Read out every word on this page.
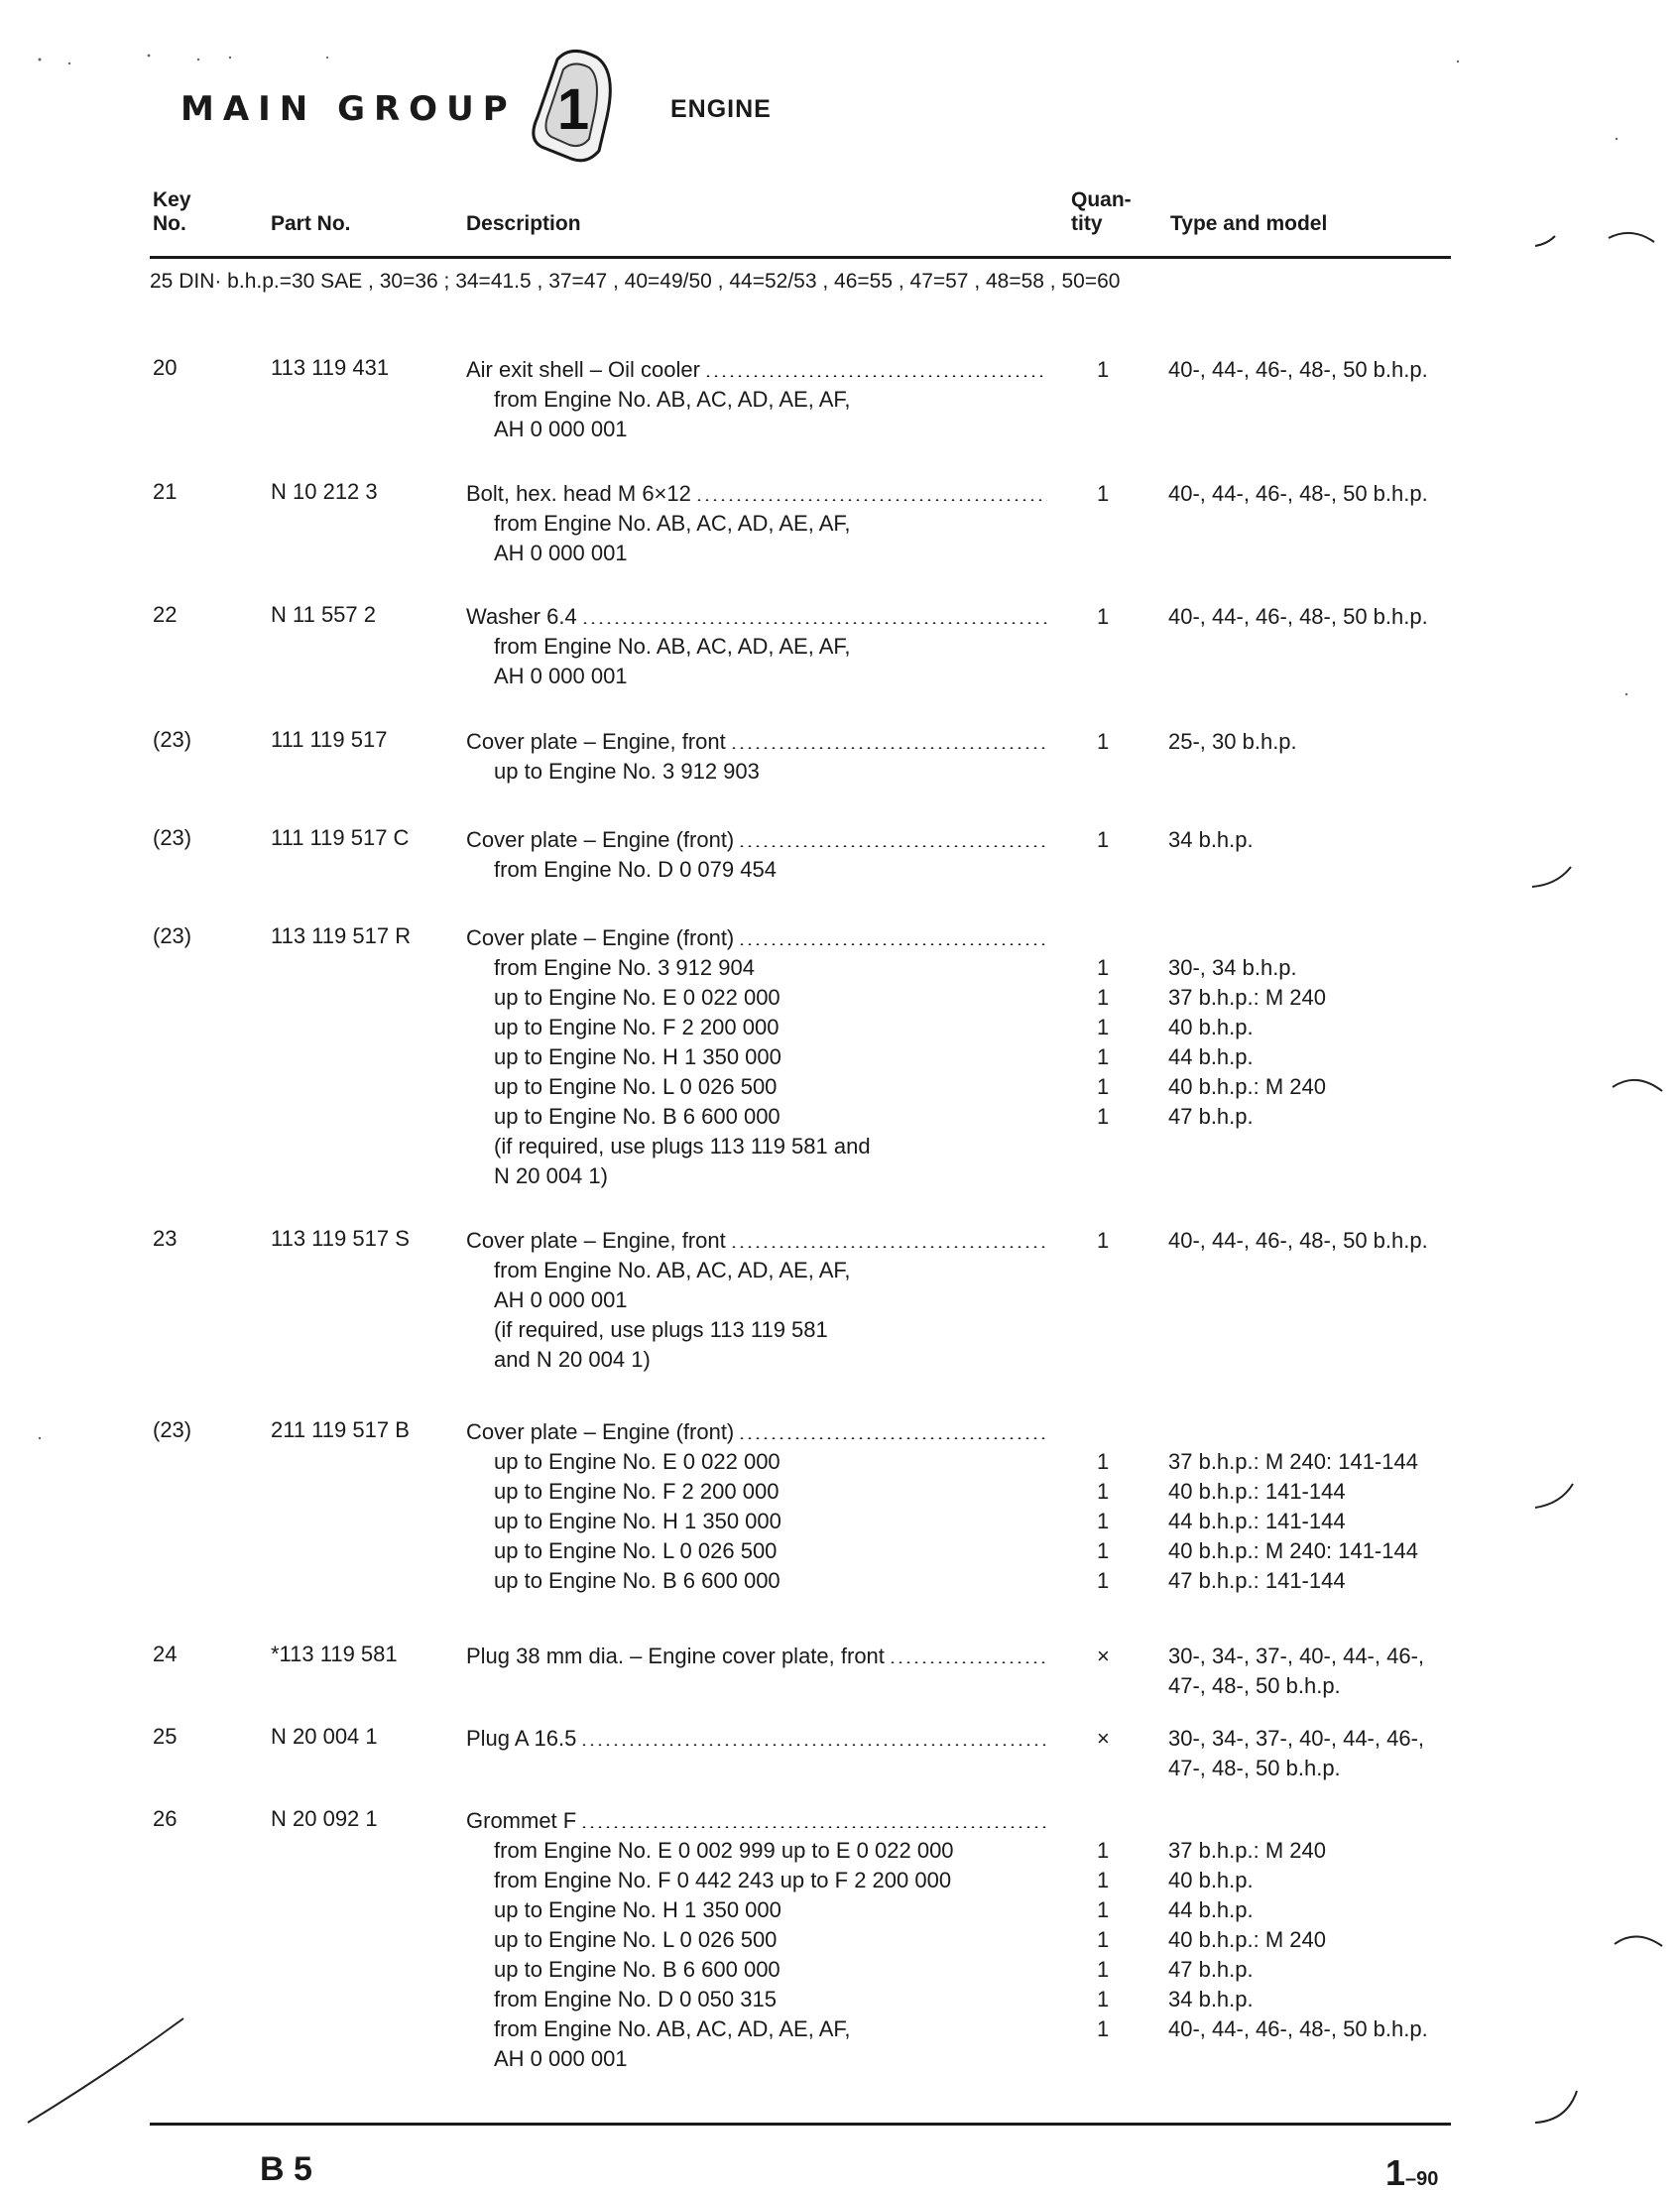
MAIN GROUP 1	ENGINE
Key
No.	Part No.	Description
Quan-
tity	Type and model
25 DIN· b.h.p.=30 SAE , 30=36 ; 34=41.5 , 37=47 , 40=49/50 , 44=52/53 , 46=55 , 47=57 , 48=58 , 50=60
20	113 119 431	Air exit shell – Oil cooler	1	40-, 44-, 46-, 48-, 50 b.h.p.
from Engine No. AB, AC, AD, AE, AF,
AH 0 000 001
21	N 10 212 3	Bolt, hex. head M 6×12	1	40-, 44-, 46-, 48-, 50 b.h.p.
from Engine No. AB, AC, AD, AE, AF,
AH 0 000 001
22	N 11 557 2	Washer 6.4	1	40-, 44-, 46-, 48-, 50 b.h.p.
from Engine No. AB, AC, AD, AE, AF,
AH 0 000 001
(23)	111 119 517	Cover plate – Engine, front	1	25-, 30 b.h.p.
up to Engine No. 3 912 903
(23)	111 119 517 C	Cover plate – Engine (front)	1	34 b.h.p.
from Engine No. D 0 079 454
(23)	113 119 517 R	Cover plate – Engine (front)
from Engine No. 3 912 904	1	30-, 34 b.h.p.
up to Engine No. E 0 022 000	1	37 b.h.p.: M 240
up to Engine No. F 2 200 000	1	40 b.h.p.
up to Engine No. H 1 350 000	1	44 b.h.p.
up to Engine No. L 0 026 500	1	40 b.h.p.: M 240
up to Engine No. B 6 600 000	1	47 b.h.p.
(if required, use plugs 113 119 581 and
N 20 004 1)
23	113 119 517 S	Cover plate – Engine, front	1	40-, 44-, 46-, 48-, 50 b.h.p.
from Engine No. AB, AC, AD, AE, AF,
AH 0 000 001
(if required, use plugs 113 119 581
and N 20 004 1)
(23)	211 119 517 B	Cover plate – Engine (front)
up to Engine No. E 0 022 000	1	37 b.h.p.: M 240: 141-144
up to Engine No. F 2 200 000	1	40 b.h.p.: 141-144
up to Engine No. H 1 350 000	1	44 b.h.p.: 141-144
up to Engine No. L 0 026 500	1	40 b.h.p.: M 240: 141-144
up to Engine No. B 6 600 000	1	47 b.h.p.: 141-144
24	*113 119 581	Plug 38 mm dia. – Engine cover plate, front	×	30-, 34-, 37-, 40-, 44-, 46-,
47-, 48-, 50 b.h.p.
25	N 20 004 1	Plug A 16.5	×	30-, 34-, 37-, 40-, 44-, 46-,
47-, 48-, 50 b.h.p.
26	N 20 092 1	Grommet F
from Engine No. E 0 002 999 up to E 0 022 000	1	37 b.h.p.: M 240
from Engine No. F 0 442 243 up to F 2 200 000	1	40 b.h.p.
up to Engine No. H 1 350 000	1	44 b.h.p.
up to Engine No. L 0 026 500	1	40 b.h.p.: M 240
up to Engine No. B 6 600 000	1	47 b.h.p.
from Engine No. D 0 050 315	1	34 b.h.p.
from Engine No. AB, AC, AD, AE, AF,	1	40-, 44-, 46-, 48-, 50 b.h.p.
AH 0 000 001
B 5	1–90
